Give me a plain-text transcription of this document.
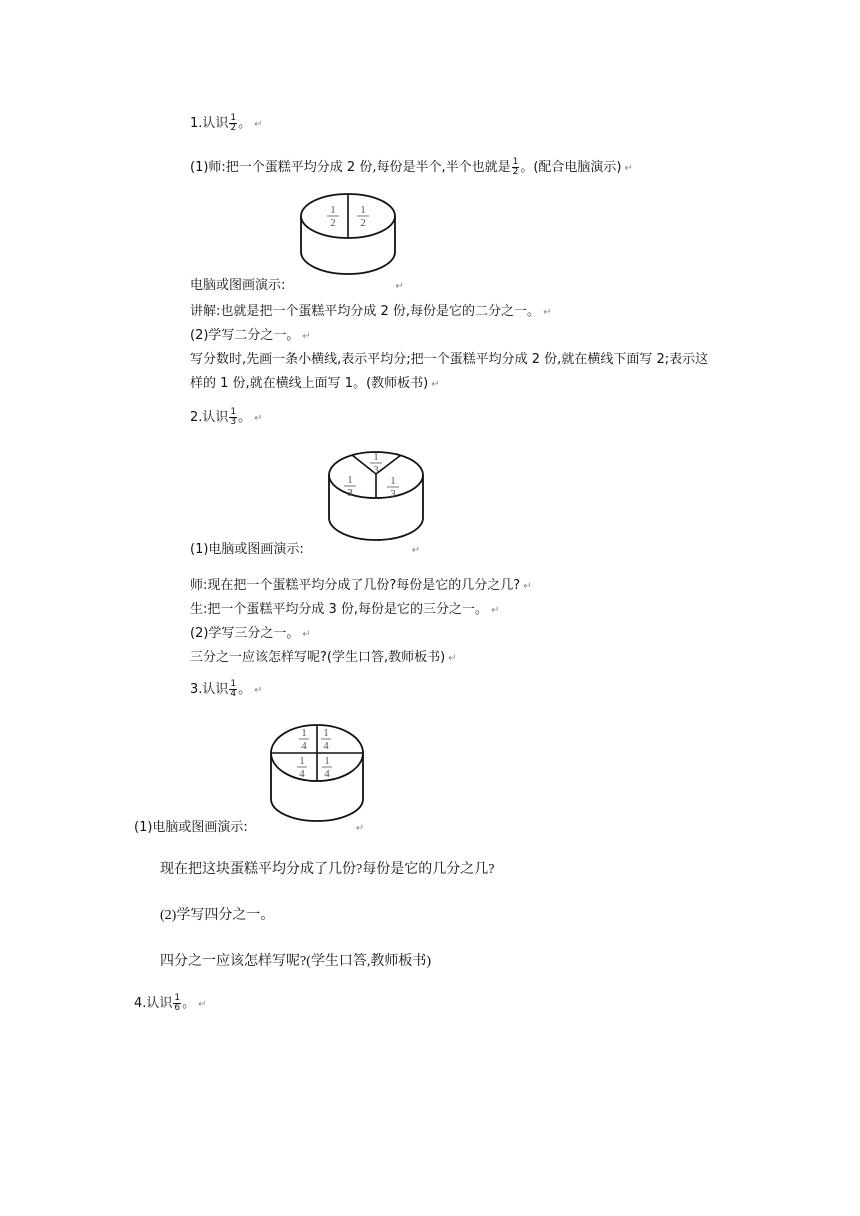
1.认识 $\frac{1}{2}$ 。 ↵
(1)师:把一个蛋糕平均分成 2 份,每份是半个,半个也就是 $\frac{1}{2}$ 。(配合电脑演示) ↵
1
2
1
2
电脑或图画演示:	↵
讲解:也就是把一个蛋糕平均分成 2 份,每份是它的二分之一。 ↵
(2)学写二分之一。 ↵
写分数时,先画一条小横线,表示平均分;把一个蛋糕平均分成 2 份,就在横线下面写 2;表示这
样的 1 份,就在横线上面写 1。(教师板书) ↵
2.认识 $\frac{1}{3}$ 。 ↵
1
3
1
3
1
3
(1)电脑或图画演示:	↵
师:现在把一个蛋糕平均分成了几份?每份是它的几分之几? ↵
生:把一个蛋糕平均分成 3 份,每份是它的三分之一。 ↵
(2)学写三分之一。 ↵
三分之一应该怎样写呢?(学生口答,教师板书) ↵
3.认识 $\frac{1}{4}$ 。 ↵
1
4
1
4
1
4
1
4
(1)电脑或图画演示:	↵
现在把这块蛋糕平均分成了几份?每份是它的几分之几?
(2)学写四分之一。
四分之一应该怎样写呢?(学生口答,教师板书)
4.认识 $\frac{1}{6}$ 。 ↵
